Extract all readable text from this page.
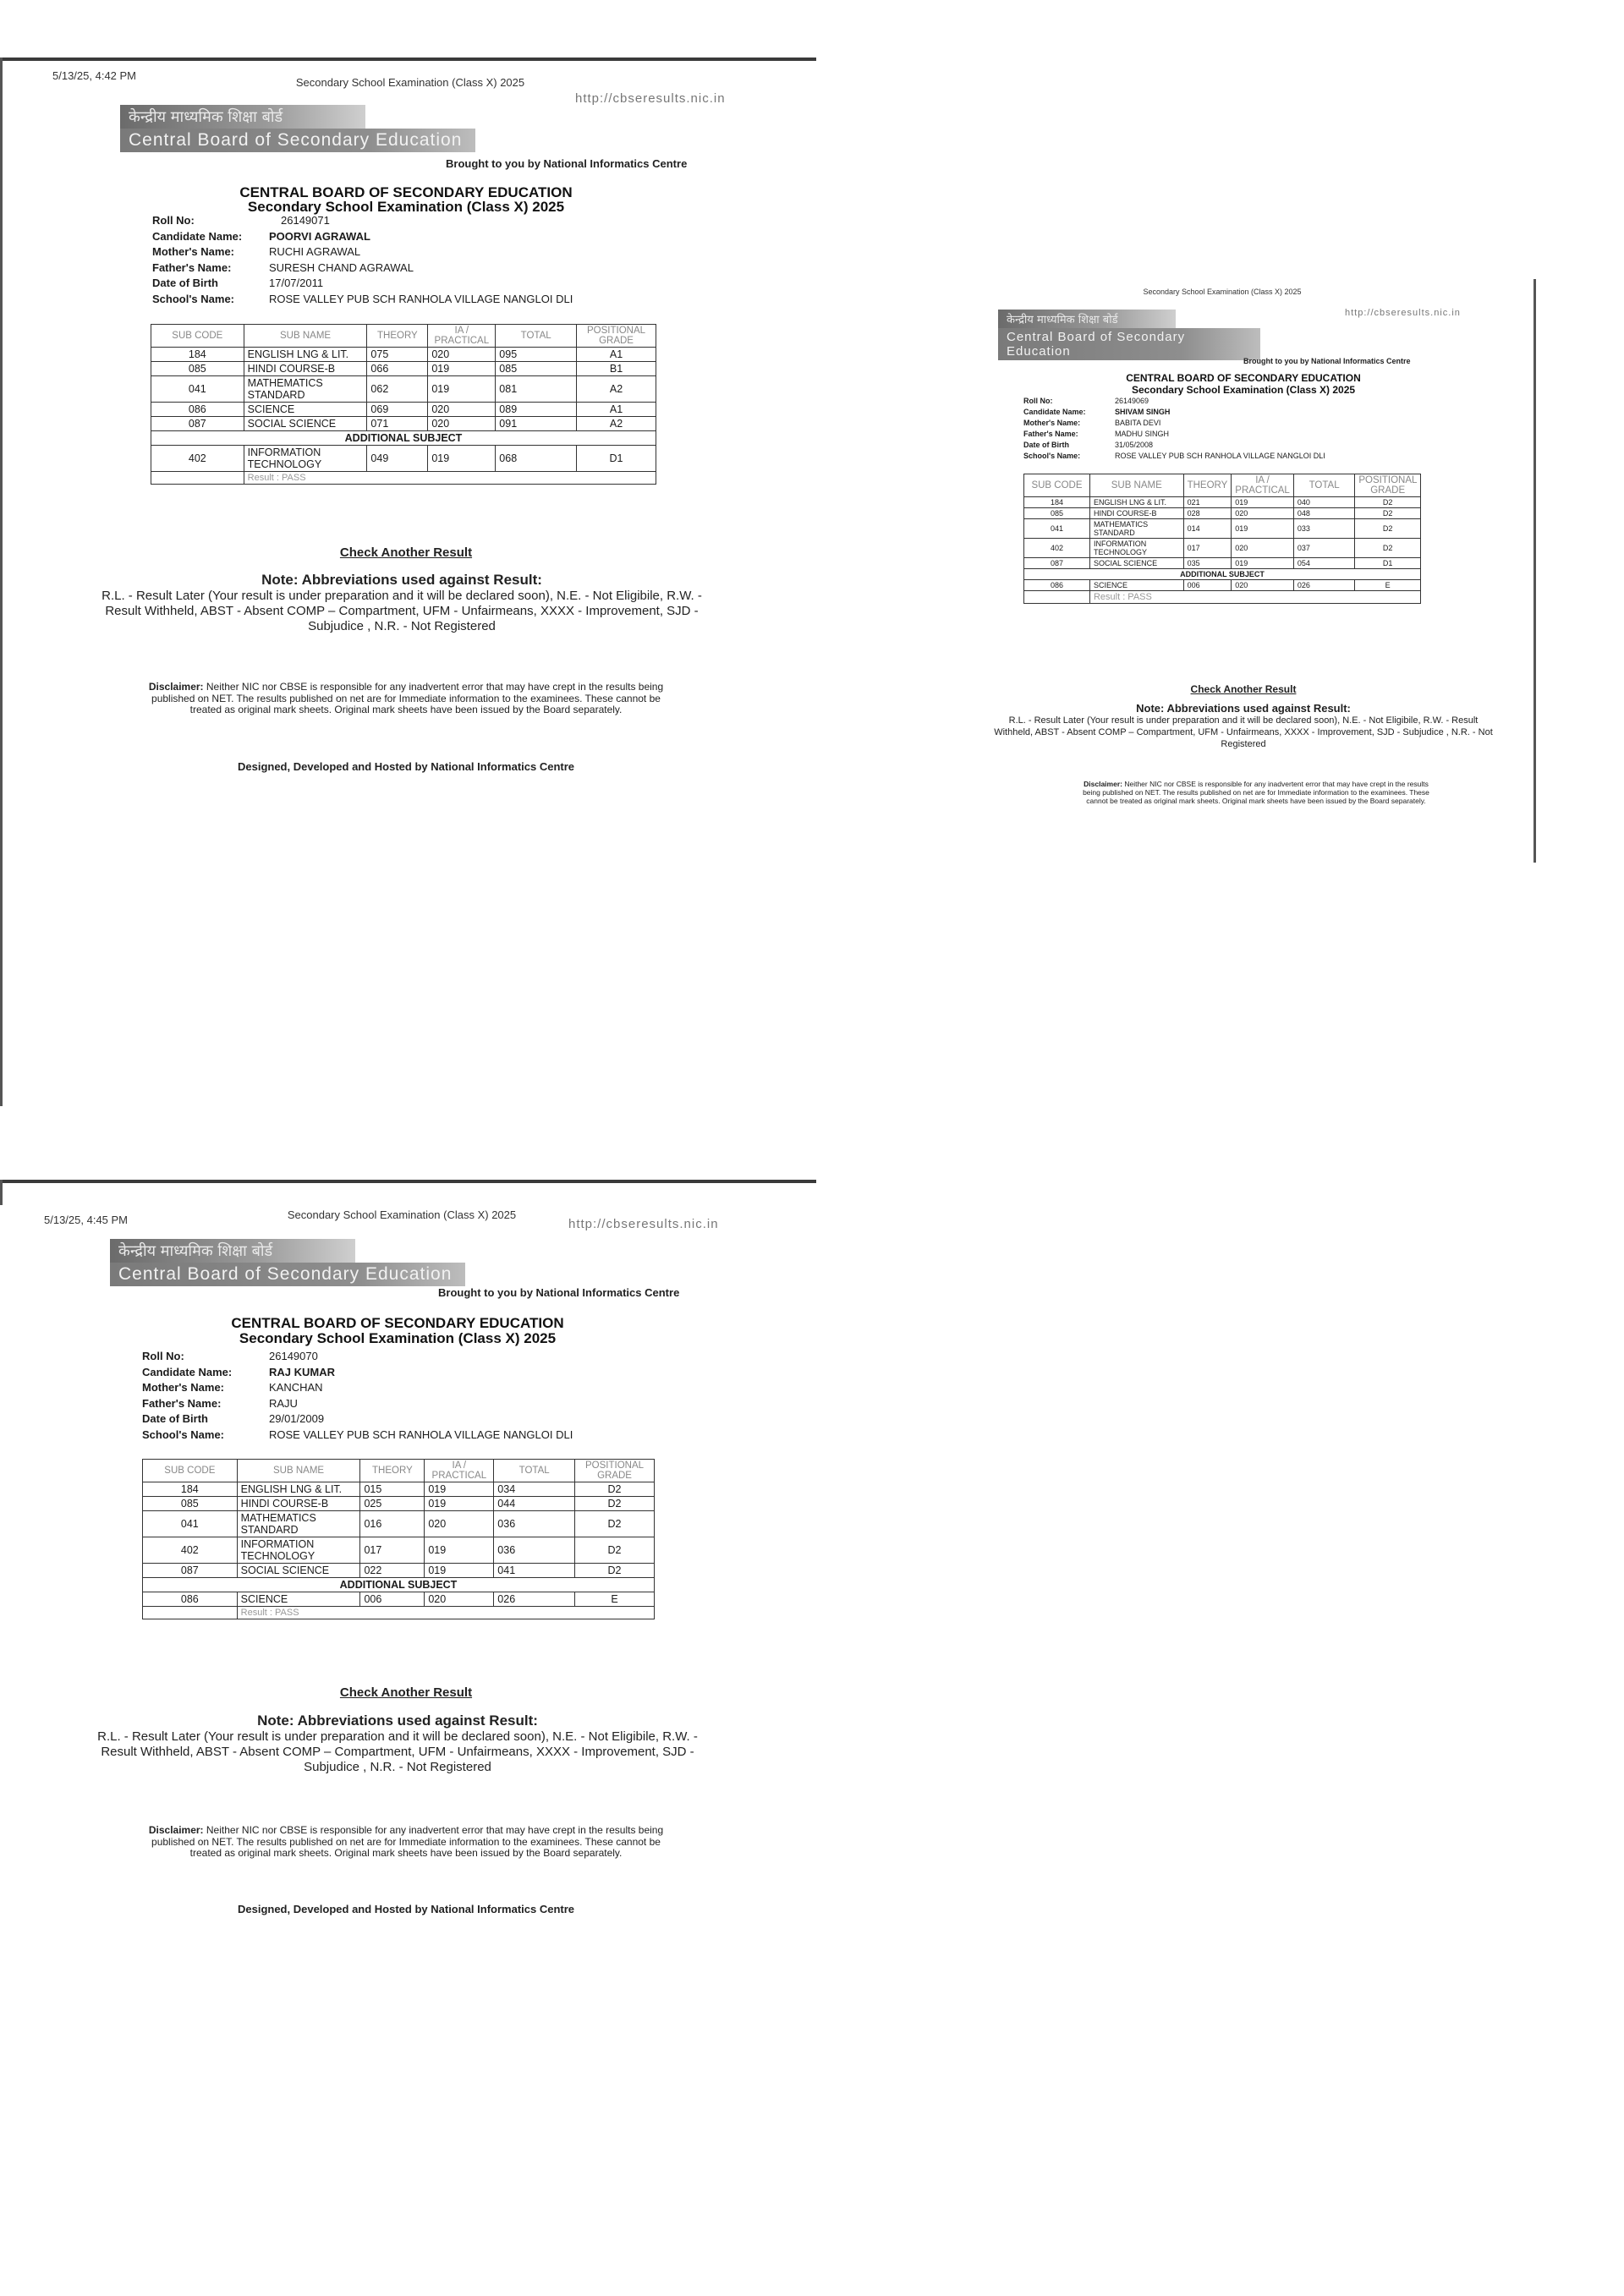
5/13/25, 4:42 PM
Secondary School Examination (Class X) 2025
http://cbseresults.nic.in
केन्द्रीय माध्यमिक शिक्षा बोर्ड
Central Board of Secondary Education
Brought to you by National Informatics Centre
CENTRAL BOARD OF SECONDARY EDUCATION
Secondary School Examination (Class X) 2025
Roll No:	26149071
Candidate Name:	POORVI AGRAWAL
Mother's Name:	RUCHI AGRAWAL
Father's Name:	SURESH CHAND AGRAWAL
Date of Birth	17/07/2011
School's Name:	ROSE VALLEY PUB SCH RANHOLA VILLAGE NANGLOI DLI
SUB CODE	SUB NAME	THEORY	IA / PRACTICAL	TOTAL	POSITIONAL GRADE
184	ENGLISH LNG & LIT.	075	020	095	A1
085	HINDI COURSE-B	066	019	085	B1
041	MATHEMATICS STANDARD	062	019	081	A2
086	SCIENCE	069	020	089	A1
087	SOCIAL SCIENCE	071	020	091	A2
ADDITIONAL SUBJECT					
402	INFORMATION TECHNOLOGY	049	019	068	D1
	Result : PASS				
Check Another Result
Note: Abbreviations used against Result:
R.L. - Result Later (Your result is under preparation and it will be declared soon), N.E. - Not Eligibile, R.W. - Result Withheld, ABST - Absent COMP – Compartment, UFM - Unfairmeans, XXXX - Improvement, SJD - Subjudice , N.R. - Not Registered
Disclaimer: Neither NIC nor CBSE is responsible for any inadvertent error that may have crept in the results being published on NET. The results published on net are for Immediate information to the examinees. These cannot be treated as original mark sheets. Original mark sheets have been issued by the Board separately.
Designed, Developed and Hosted by National Informatics Centre
Secondary School Examination (Class X) 2025
http://cbseresults.nic.in
केन्द्रीय माध्यमिक शिक्षा बोर्ड
Central Board of Secondary Education
Brought to you by National Informatics Centre
CENTRAL BOARD OF SECONDARY EDUCATION
Secondary School Examination (Class X) 2025
Roll No:	26149069
Candidate Name:	SHIVAM SINGH
Mother's Name:	BABITA DEVI
Father's Name:	MADHU SINGH
Date of Birth	31/05/2008
School's Name:	ROSE VALLEY PUB SCH RANHOLA VILLAGE NANGLOI DLI
SUB CODE	SUB NAME	THEORY	IA / PRACTICAL	TOTAL	POSITIONAL GRADE
184	ENGLISH LNG & LIT.	021	019	040	D2
085	HINDI COURSE-B	028	020	048	D2
041	MATHEMATICS STANDARD	014	019	033	D2
402	INFORMATION TECHNOLOGY	017	020	037	D2
087	SOCIAL SCIENCE	035	019	054	D1
ADDITIONAL SUBJECT					
086	SCIENCE	006	020	026	E
	Result : PASS				
Check Another Result
Note: Abbreviations used against Result:
R.L. - Result Later (Your result is under preparation and it will be declared soon), N.E. - Not Eligibile, R.W. - Result Withheld, ABST - Absent COMP – Compartment, UFM - Unfairmeans, XXXX - Improvement, SJD - Subjudice , N.R. - Not Registered
Disclaimer: Neither NIC nor CBSE is responsible for any inadvertent error that may have crept in the results being published on NET. The results published on net are for Immediate information to the examinees. These cannot be treated as original mark sheets. Original mark sheets have been issued by the Board separately.
5/13/25, 4:45 PM	Secondary School Examination (Class X) 2025
http://cbseresults.nic.in
केन्द्रीय माध्यमिक शिक्षा बोर्ड
Central Board of Secondary Education
Brought to you by National Informatics Centre
CENTRAL BOARD OF SECONDARY EDUCATION
Secondary School Examination (Class X) 2025
Roll No:	26149070
Candidate Name:	RAJ KUMAR
Mother's Name:	KANCHAN
Father's Name:	RAJU
Date of Birth	29/01/2009
School's Name:	ROSE VALLEY PUB SCH RANHOLA VILLAGE NANGLOI DLI
SUB CODE	SUB NAME	THEORY	IA / PRACTICAL	TOTAL	POSITIONAL GRADE
184	ENGLISH LNG & LIT.	015	019	034	D2
085	HINDI COURSE-B	025	019	044	D2
041	MATHEMATICS STANDARD	016	020	036	D2
402	INFORMATION TECHNOLOGY	017	019	036	D2
087	SOCIAL SCIENCE	022	019	041	D2
ADDITIONAL SUBJECT					
086	SCIENCE	006	020	026	E
	Result : PASS				
Check Another Result
Note: Abbreviations used against Result:
R.L. - Result Later (Your result is under preparation and it will be declared soon), N.E. - Not Eligibile, R.W. - Result Withheld, ABST - Absent COMP – Compartment, UFM - Unfairmeans, XXXX - Improvement, SJD - Subjudice , N.R. - Not Registered
Disclaimer: Neither NIC nor CBSE is responsible for any inadvertent error that may have crept in the results being published on NET. The results published on net are for Immediate information to the examinees. These cannot be treated as original mark sheets. Original mark sheets have been issued by the Board separately.
Designed, Developed and Hosted by National Informatics Centre
